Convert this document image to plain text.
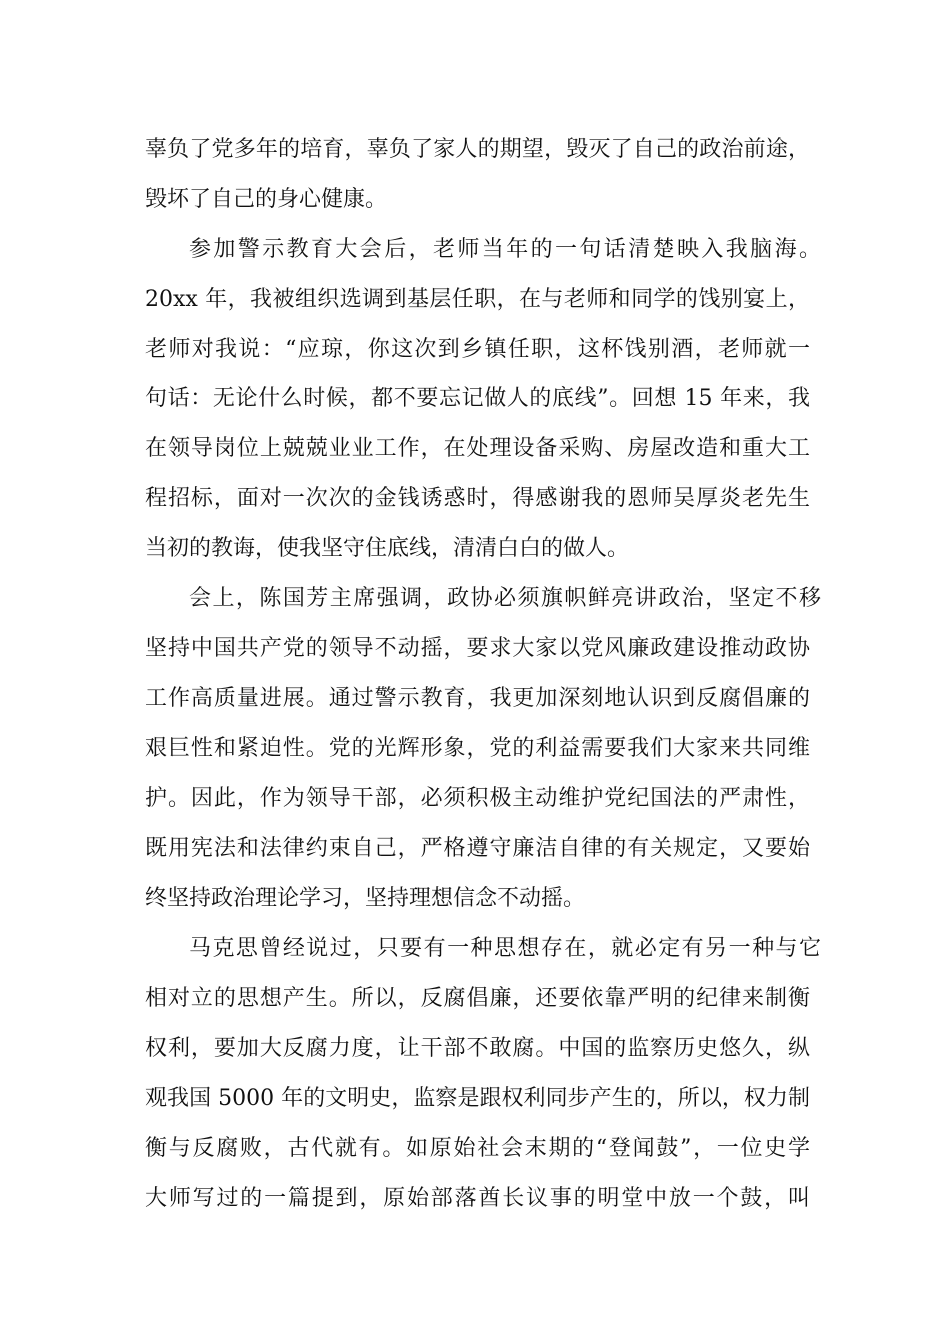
辜负了党多年的培育，辜负了家人的期望，毁灭了自己的政治前途，

毁坏了自己的身心健康。

参加警示教育大会后，老师当年的一句话清楚映入我脑海。

20xx 年，我被组织选调到基层任职，在与老师和同学的饯别宴上，

老师对我说：“应琼，你这次到乡镇任职，这杯饯别酒，老师就一

句话：无论什么时候，都不要忘记做人的底线”。回想 15 年来，我

在领导岗位上兢兢业业工作，在处理设备采购、房屋改造和重大工

程招标，面对一次次的金钱诱惑时，得感谢我的恩师吴厚炎老先生

当初的教诲，使我坚守住底线，清清白白的做人。

会上，陈国芳主席强调，政协必须旗帜鲜亮讲政治，坚定不移

坚持中国共产党的领导不动摇，要求大家以党风廉政建设推动政协

工作高质量进展。通过警示教育，我更加深刻地认识到反腐倡廉的

艰巨性和紧迫性。党的光辉形象，党的利益需要我们大家来共同维

护。因此，作为领导干部，必须积极主动维护党纪国法的严肃性，

既用宪法和法律约束自己，严格遵守廉洁自律的有关规定，又要始

终坚持政治理论学习，坚持理想信念不动摇。

马克思曾经说过，只要有一种思想存在，就必定有另一种与它

相对立的思想产生。所以，反腐倡廉，还要依靠严明的纪律来制衡

权利，要加大反腐力度，让干部不敢腐。中国的监察历史悠久，纵

观我国 5000 年的文明史，监察是跟权利同步产生的，所以，权力制

衡与反腐败，古代就有。如原始社会末期的“登闻鼓”，一位史学

大师写过的一篇提到，原始部落酋长议事的明堂中放一个鼓，叫
